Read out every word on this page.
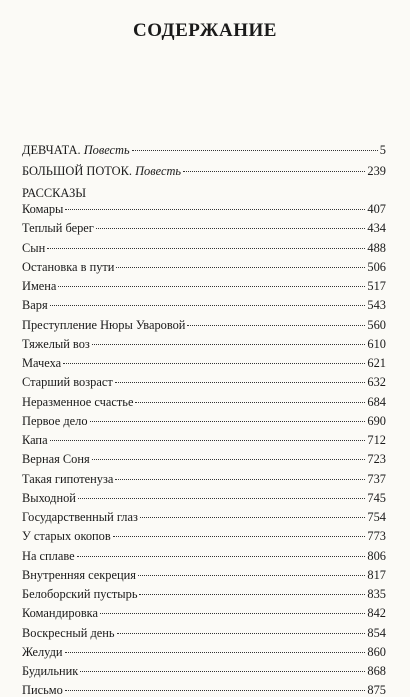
СОДЕРЖАНИЕ
ДЕВЧАТА. Повесть	5
БОЛЬШОЙ ПОТОК. Повесть	239
РАССКАЗЫ
Комары	407
Теплый берег	434
Сын	488
Остановка в пути	506
Имена	517
Варя	543
Преступление Нюры Уваровой	560
Тяжелый воз	610
Мачеха	621
Старший возраст	632
Неразменное счастье	684
Первое дело	690
Капа	712
Верная Соня	723
Такая гипотенуза	737
Выходной	745
Государственный глаз	754
У старых окопов	773
На сплаве	806
Внутренняя секреция	817
Белоборский пустырь	835
Командировка	842
Воскресный день	854
Желуди	860
Будильник	868
Письмо	875
